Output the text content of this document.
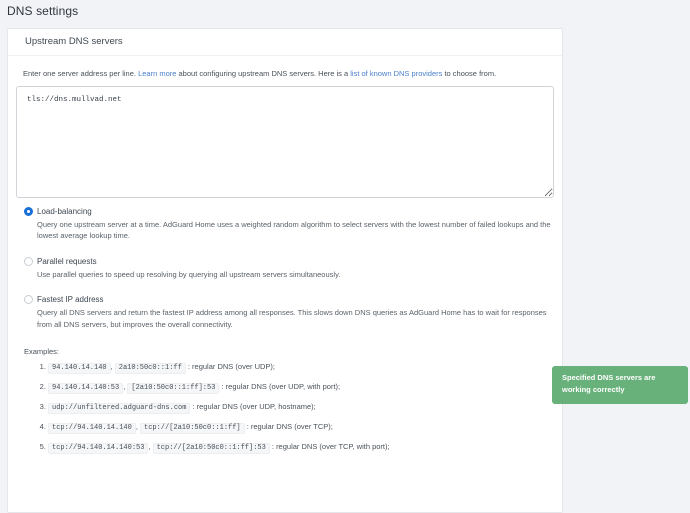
DNS settings
Upstream DNS servers

Enter one server address per line. Learn more about configuring upstream DNS servers. Here is a list of known DNS providers to choose from.

tls://dns.mullvad.net
Load-balancing
Query one upstream server at a time. AdGuard Home uses a weighted random algorithm to select servers with the lowest number of failed lookups and the lowest average lookup time.
Parallel requests
Use parallel queries to speed up resolving by querying all upstream servers simultaneously.
Fastest IP address
Query all DNS servers and return the fastest IP address among all responses. This slows down DNS queries as AdGuard Home has to wait for responses from all DNS servers, but improves the overall connectivity.
Examples:
1. 94.140.14.140 , 2a10:50c0::1:ff : regular DNS (over UDP);
2. 94.140.14.140:53 , [2a10:50c0::1:ff]:53 : regular DNS (over UDP, with port);
3. udp://unfiltered.adguard-dns.com : regular DNS (over UDP, hostname);
4. tcp://94.140.14.140 , tcp://[2a10:50c0::1:ff] : regular DNS (over TCP);
5. tcp://94.140.14.140:53 , tcp://[2a10:50c0::1:ff]:53 : regular DNS (over TCP, with port);
Specified DNS servers are working correctly
